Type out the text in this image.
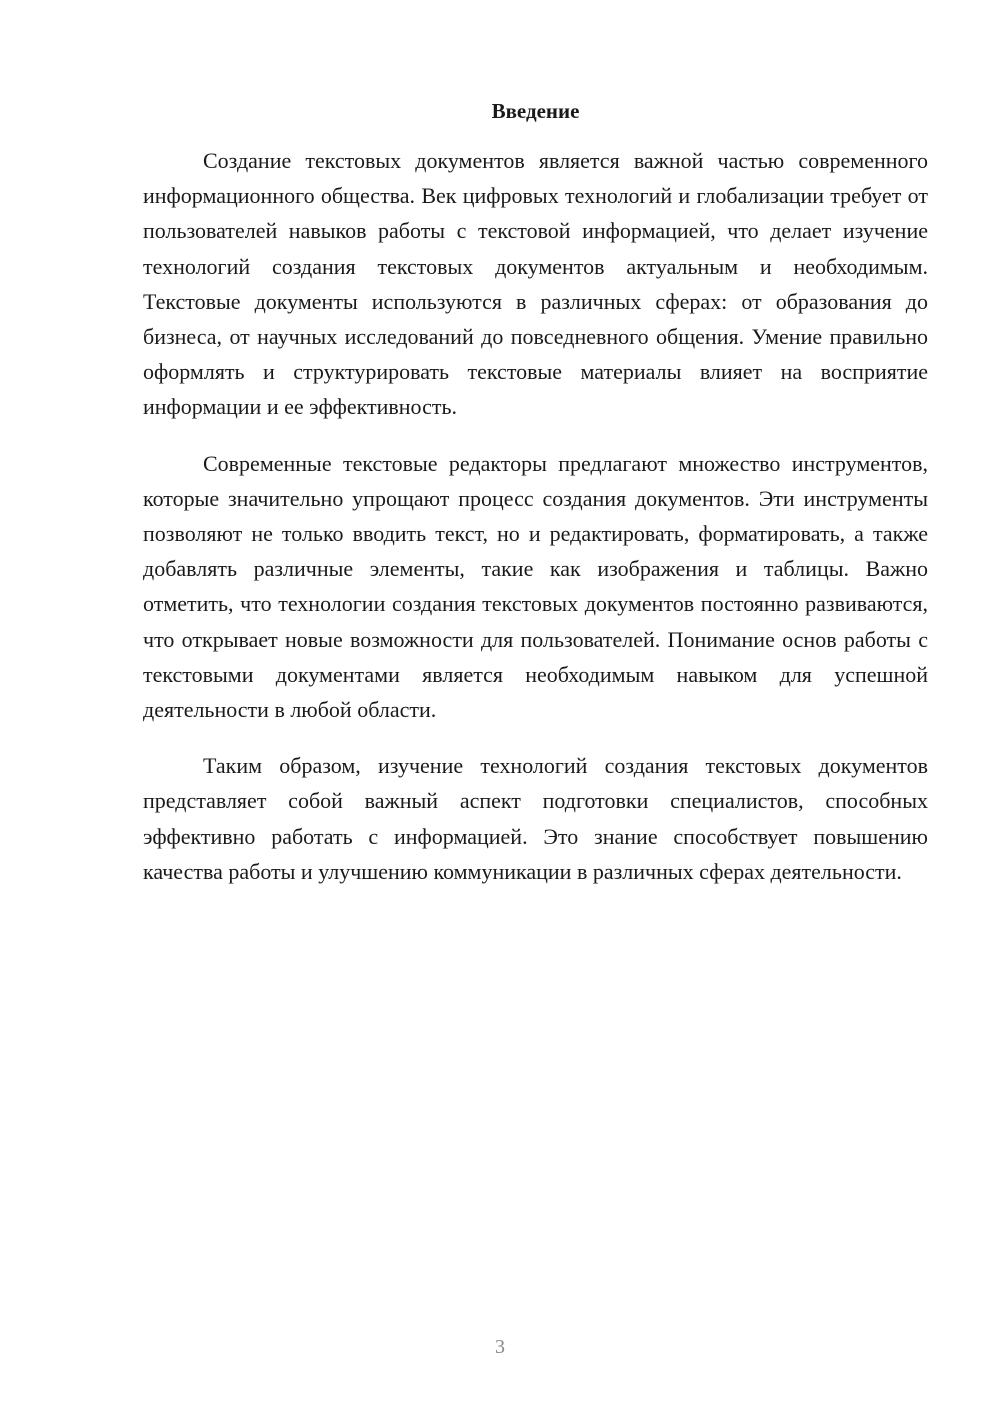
Введение

Создание текстовых документов является важной частью современного информационного общества. Век цифровых технологий и глобализации требует от пользователей навыков работы с текстовой информацией, что делает изучение технологий создания текстовых документов актуальным и необходимым. Текстовые документы используются в различных сферах: от образования до бизнеса, от научных исследований до повседневного общения. Умение правильно оформлять и структурировать текстовые материалы влияет на восприятие информации и ее эффективность.

Современные текстовые редакторы предлагают множество инструментов, которые значительно упрощают процесс создания документов. Эти инструменты позволяют не только вводить текст, но и редактировать, форматировать, а также добавлять различные элементы, такие как изображения и таблицы. Важно отметить, что технологии создания текстовых документов постоянно развиваются, что открывает новые возможности для пользователей. Понимание основ работы с текстовыми документами является необходимым навыком для успешной деятельности в любой области.

Таким образом, изучение технологий создания текстовых документов представляет собой важный аспект подготовки специалистов, способных эффективно работать с информацией. Это знание способствует повышению качества работы и улучшению коммуникации в различных сферах деятельности.

3
